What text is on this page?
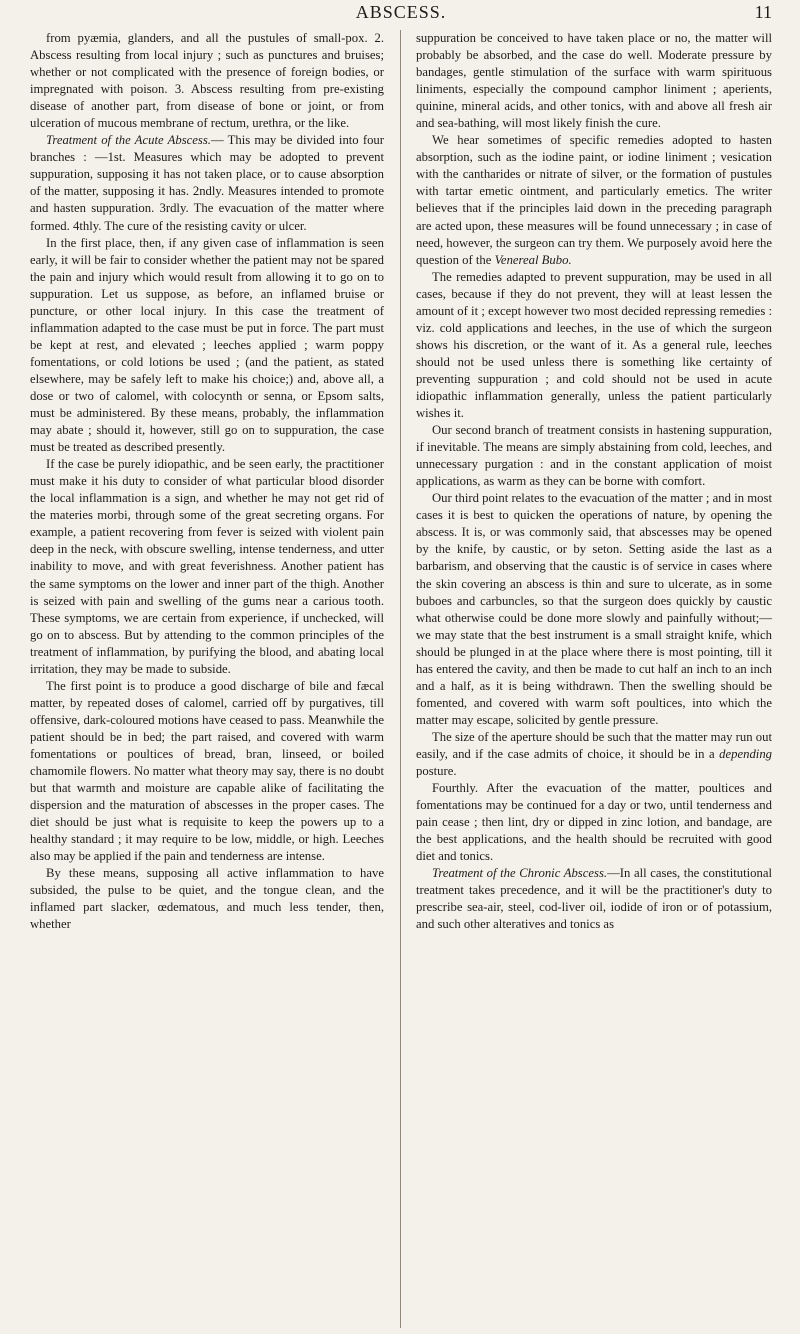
ABSCESS.	11

from pyæmia, glanders, and all the pustules of small-pox. 2. Abscess resulting from local injury ; such as punctures and bruises; whether or not complicated with the presence of foreign bodies, or impregnated with poison. 3. Abscess resulting from pre-existing disease of another part, from disease of bone or joint, or from ulceration of mucous membrane of rectum, urethra, or the like.

Treatment of the Acute Abscess.— This may be divided into four branches : —1st. Measures which may be adopted to prevent suppuration, supposing it has not taken place, or to cause absorption of the matter, supposing it has. 2ndly. Measures intended to promote and hasten suppuration. 3rdly. The evacuation of the matter where formed. 4thly. The cure of the resisting cavity or ulcer.

In the first place, then, if any given case of inflammation is seen early, it will be fair to consider whether the patient may not be spared the pain and injury which would result from allowing it to go on to suppuration. Let us suppose, as before, an inflamed bruise or puncture, or other local injury. In this case the treatment of inflammation adapted to the case must be put in force. The part must be kept at rest, and elevated ; leeches applied ; warm poppy fomentations, or cold lotions be used ; (and the patient, as stated elsewhere, may be safely left to make his choice;) and, above all, a dose or two of calomel, with colocynth or senna, or Epsom salts, must be administered. By these means, probably, the inflammation may abate ; should it, however, still go on to suppuration, the case must be treated as described presently.

If the case be purely idiopathic, and be seen early, the practitioner must make it his duty to consider of what particular blood disorder the local inflammation is a sign, and whether he may not get rid of the materies morbi, through some of the great secreting organs. For example, a patient recovering from fever is seized with violent pain deep in the neck, with obscure swelling, intense tenderness, and utter inability to move, and with great feverishness. Another patient has the same symptoms on the lower and inner part of the thigh. Another is seized with pain and swelling of the gums near a carious tooth. These symptoms, we are certain from experience, if unchecked, will go on to abscess. But by attending to the common principles of the treatment of inflammation, by purifying the blood, and abating local irritation, they may be made to subside.

The first point is to produce a good discharge of bile and fæcal matter, by repeated doses of calomel, carried off by purgatives, till offensive, dark-coloured motions have ceased to pass. Meanwhile the patient should be in bed; the part raised, and covered with warm fomentations or poultices of bread, bran, linseed, or boiled chamomile flowers. No matter what theory may say, there is no doubt but that warmth and moisture are capable alike of facilitating the dispersion and the maturation of abscesses in the proper cases. The diet should be just what is requisite to keep the powers up to a healthy standard ; it may require to be low, middle, or high. Leeches also may be applied if the pain and tenderness are intense.

By these means, supposing all active inflammation to have subsided, the pulse to be quiet, and the tongue clean, and the inflamed part slacker, œdematous, and much less tender, then, whether

suppuration be conceived to have taken place or no, the matter will probably be absorbed, and the case do well. Moderate pressure by bandages, gentle stimulation of the surface with warm spirituous liniments, especially the compound camphor liniment ; aperients, quinine, mineral acids, and other tonics, with and above all fresh air and sea-bathing, will most likely finish the cure.

We hear sometimes of specific remedies adopted to hasten absorption, such as the iodine paint, or iodine liniment ; vesication with the cantharides or nitrate of silver, or the formation of pustules with tartar emetic ointment, and particularly emetics. The writer believes that if the principles laid down in the preceding paragraph are acted upon, these measures will be found unnecessary ; in case of need, however, the surgeon can try them. We purposely avoid here the question of the Venereal Bubo.

The remedies adapted to prevent suppuration, may be used in all cases, because if they do not prevent, they will at least lessen the amount of it ; except however two most decided repressing remedies : viz. cold applications and leeches, in the use of which the surgeon shows his discretion, or the want of it. As a general rule, leeches should not be used unless there is something like certainty of preventing suppuration ; and cold should not be used in acute idiopathic inflammation generally, unless the patient particularly wishes it.

Our second branch of treatment consists in hastening suppuration, if inevitable. The means are simply abstaining from cold, leeches, and unnecessary purgation : and in the constant application of moist applications, as warm as they can be borne with comfort.

Our third point relates to the evacuation of the matter ; and in most cases it is best to quicken the operations of nature, by opening the abscess. It is, or was commonly said, that abscesses may be opened by the knife, by caustic, or by seton. Setting aside the last as a barbarism, and observing that the caustic is of service in cases where the skin covering an abscess is thin and sure to ulcerate, as in some buboes and carbuncles, so that the surgeon does quickly by caustic what otherwise could be done more slowly and painfully without;—we may state that the best instrument is a small straight knife, which should be plunged in at the place where there is most pointing, till it has entered the cavity, and then be made to cut half an inch to an inch and a half, as it is being withdrawn. Then the swelling should be fomented, and covered with warm soft poultices, into which the matter may escape, solicited by gentle pressure.

The size of the aperture should be such that the matter may run out easily, and if the case admits of choice, it should be in a depending posture.

Fourthly. After the evacuation of the matter, poultices and fomentations may be continued for a day or two, until tenderness and pain cease ; then lint, dry or dipped in zinc lotion, and bandage, are the best applications, and the health should be recruited with good diet and tonics.

Treatment of the Chronic Abscess.—In all cases, the constitutional treatment takes precedence, and it will be the practitioner's duty to prescribe sea-air, steel, cod-liver oil, iodide of iron or of potassium, and such other alteratives and tonics as
